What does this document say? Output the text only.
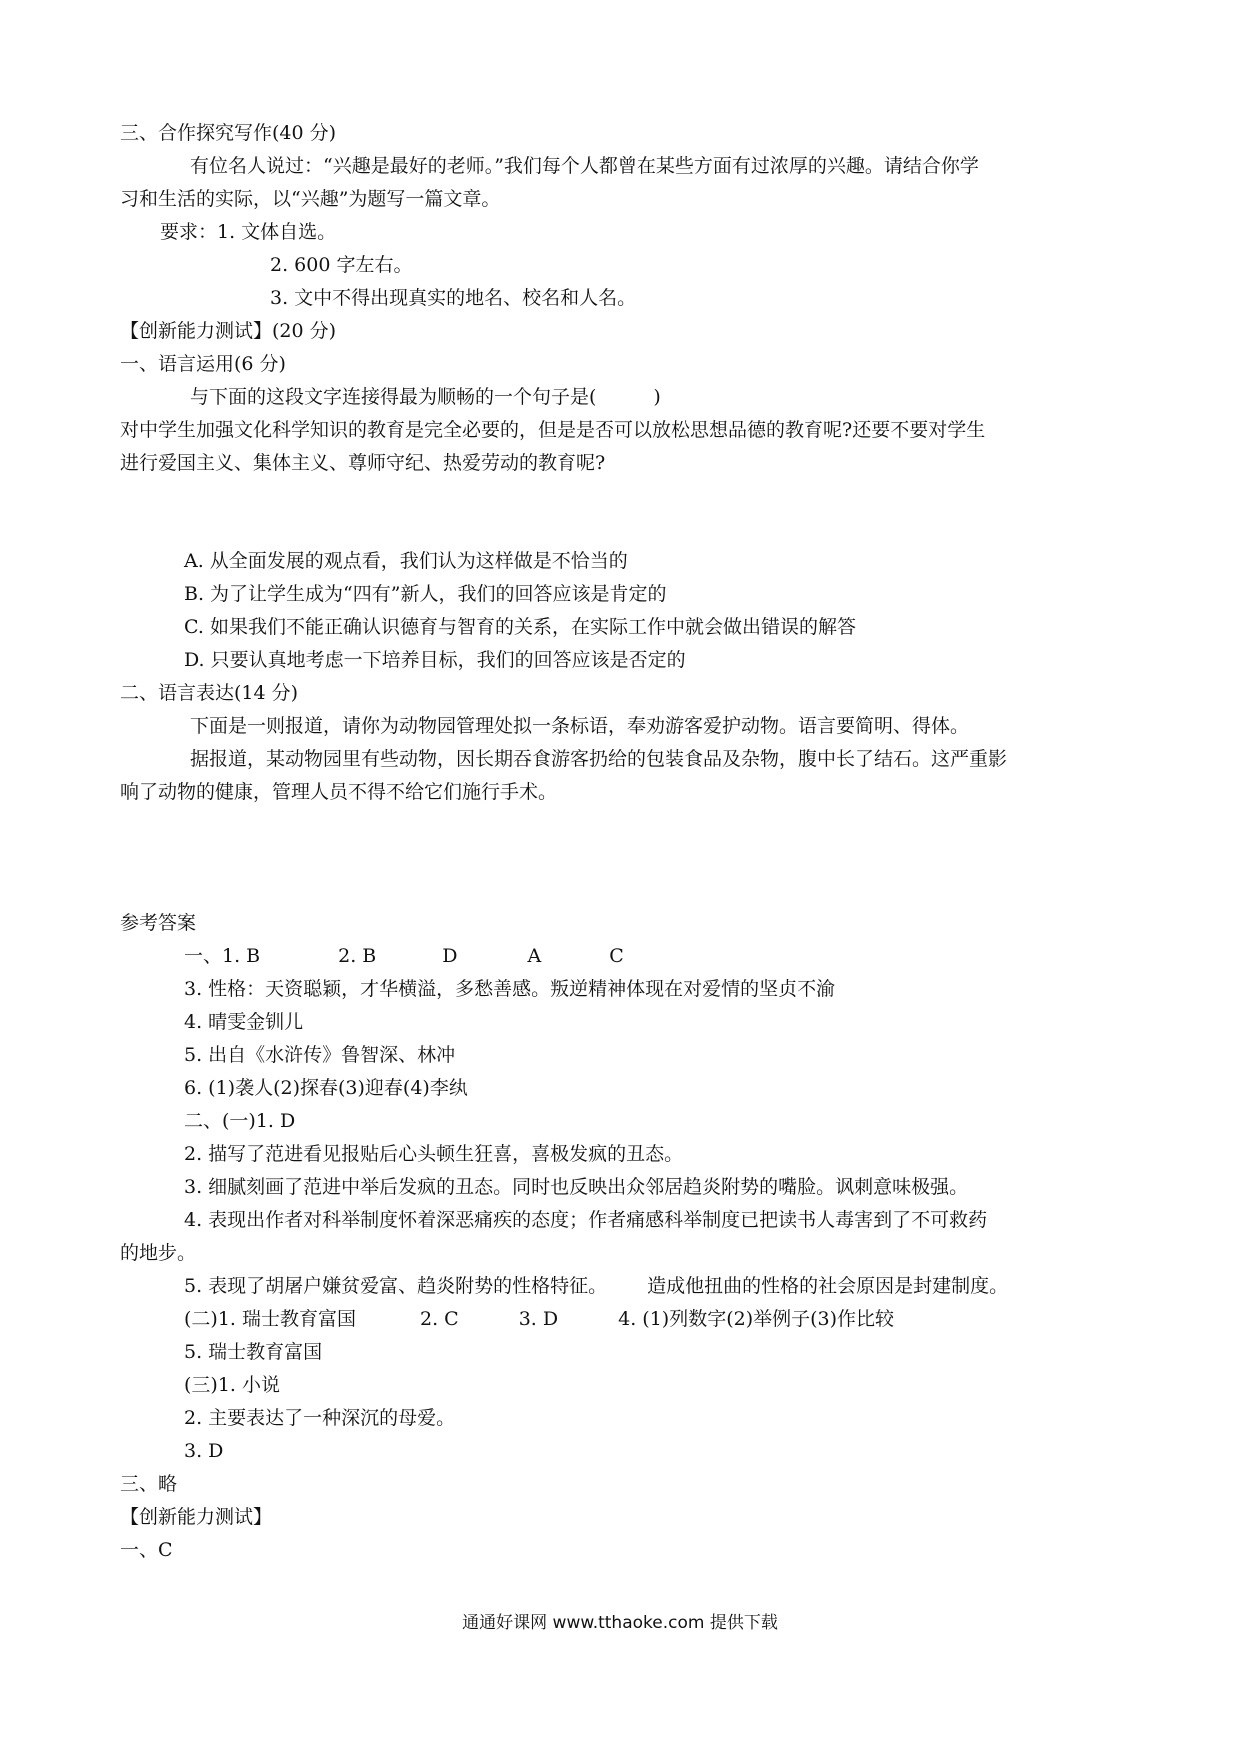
三、合作探究写作(40 分)
有位名人说过：“兴趣是最好的老师。”我们每个人都曾在某些方面有过浓厚的兴趣。请结合你学
习和生活的实际，以“兴趣”为题写一篇文章。
要求：1. 文体自选。
2. 600 字左右。
3. 文中不得出现真实的地名、校名和人名。
【创新能力测试】(20 分)
一、语言运用(6 分)
与下面的这段文字连接得最为顺畅的一个句子是(　　　)
对中学生加强文化科学知识的教育是完全必要的，但是是否可以放松思想品德的教育呢?还要不要对学生
进行爱国主义、集体主义、尊师守纪、热爱劳动的教育呢?
A. 从全面发展的观点看，我们认为这样做是不恰当的
B. 为了让学生成为“四有”新人，我们的回答应该是肯定的
C. 如果我们不能正确认识德育与智育的关系，在实际工作中就会做出错误的解答
D. 只要认真地考虑一下培养目标，我们的回答应该是否定的
二、语言表达(14 分)
下面是一则报道，请你为动物园管理处拟一条标语，奉劝游客爱护动物。语言要简明、得体。
据报道，某动物园里有些动物，因长期吞食游客扔给的包装食品及杂物，腹中长了结石。这严重影
响了动物的健康，管理人员不得不给它们施行手术。
参考答案
一、1. B	2. B	D	A	C
3. 性格：天资聪颖，才华横溢，多愁善感。叛逆精神体现在对爱情的坚贞不渝
4. 晴雯金钏儿
5. 出自《水浒传》鲁智深、林冲
6. (1)袭人(2)探春(3)迎春(4)李纨
二、(一)1. D
2. 描写了范进看见报贴后心头顿生狂喜，喜极发疯的丑态。
3. 细腻刻画了范进中举后发疯的丑态。同时也反映出众邻居趋炎附势的嘴脸。讽刺意味极强。
4. 表现出作者对科举制度怀着深恶痛疾的态度；作者痛感科举制度已把读书人毒害到了不可救药
的地步。
5. 表现了胡屠户嫌贫爱富、趋炎附势的性格特征。 造成他扭曲的性格的社会原因是封建制度。
(二)1. 瑞士教育富国	2. C	3. D	4. (1)列数字(2)举例子(3)作比较
5. 瑞士教育富国
(三)1. 小说
2. 主要表达了一种深沉的母爱。
3. D
三、略
【创新能力测试】
一、C
通通好课网 www.tthaoke.com 提供下载
